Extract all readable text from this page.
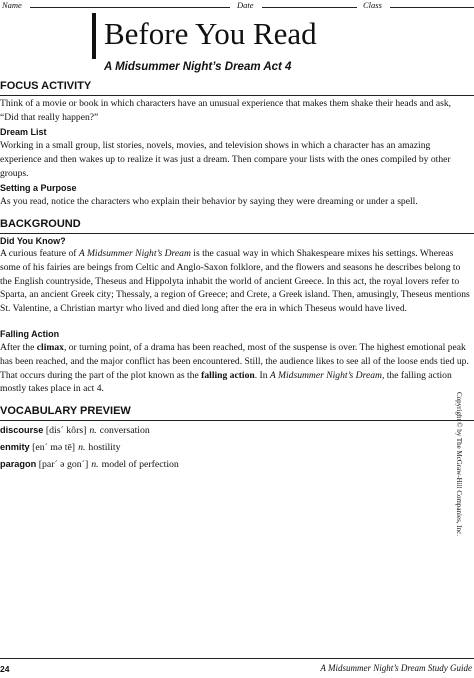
Name	Date	Class
Before You Read
A Midsummer Night’s Dream Act 4
FOCUS ACTIVITY

Think of a movie or book in which characters have an unusual experience that makes them shake their heads and ask, “Did that really happen?”

Dream List

Working in a small group, list stories, novels, movies, and television shows in which a character has an amazing experience and then wakes up to realize it was just a dream. Then compare your lists with the ones compiled by other groups.

Setting a Purpose

As you read, notice the characters who explain their behavior by saying they were dreaming or under a spell.

BACKGROUND
Did You Know?

A curious feature of A Midsummer Night’s Dream is the casual way in which Shakespeare mixes his settings. Whereas some of his fairies are beings from Celtic and Anglo-Saxon folklore, and the flowers and seasons he describes belong to the English countryside, Theseus and Hippolyta inhabit the world of ancient Greece. In this act, the royal lovers refer to Sparta, an ancient Greek city; Thessaly, a region of Greece; and Crete, a Greek island. Then, amusingly, Theseus mentions St. Valentine, a Christian martyr who lived and died long after the era in which Theseus would have lived.

Falling Action

After the climax, or turning point, of a drama has been reached, most of the suspense is over. The highest emotional peak has been reached, and the major conflict has been encountered. Still, the audience likes to see all of the loose ends tied up. That occurs during the part of the plot known as the falling action. In A Midsummer Night’s Dream, the falling action mostly takes place in act 4.

VOCABULARY PREVIEW
discourse [dis´ kôrs] n. conversation
enmity [en´ mə tē] n. hostility
paragon [par´ ə gon´] n. model of perfection	Copyright © by The McGraw-Hill Companies, Inc.
24	A Midsummer Night’s Dream Study Guide
